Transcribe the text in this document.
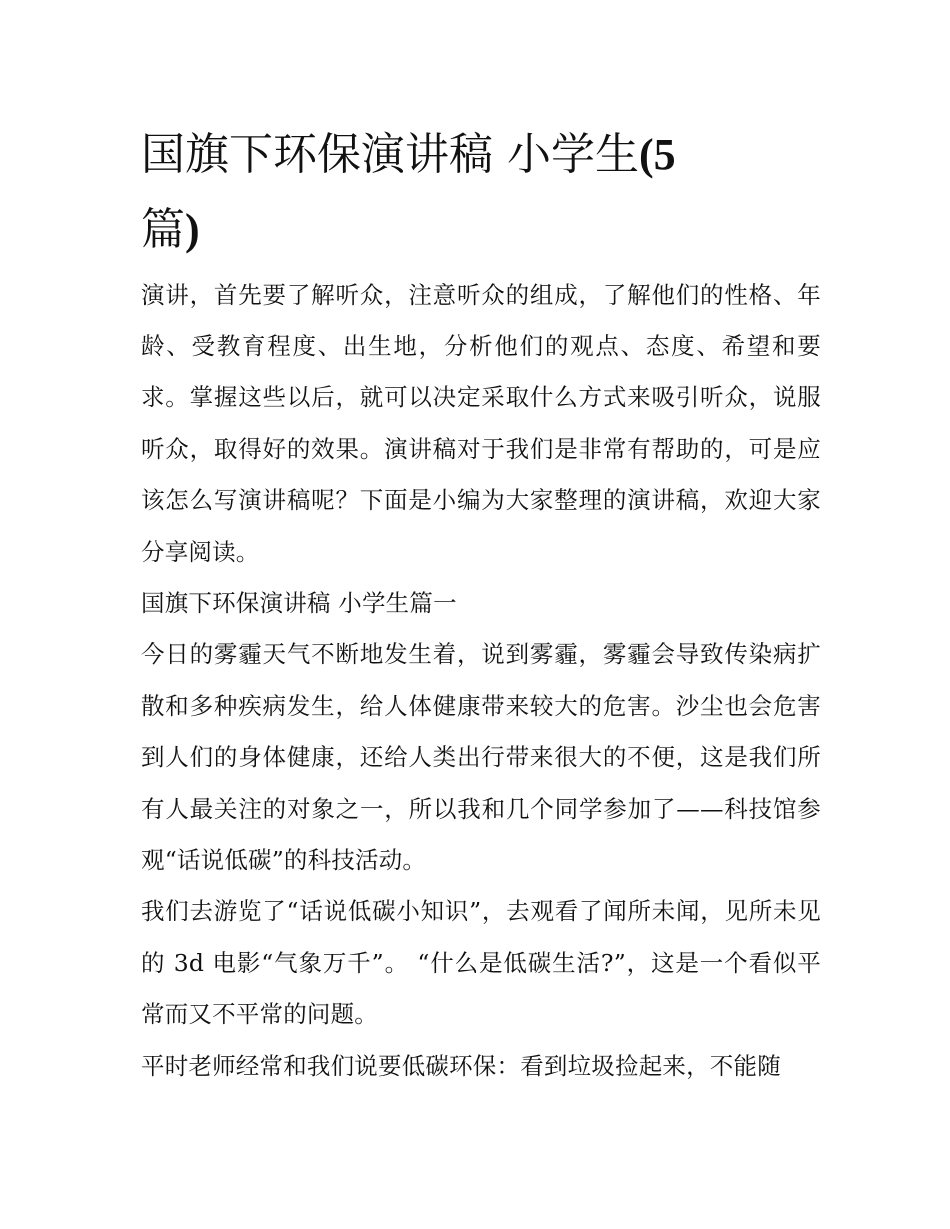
国旗下环保演讲稿 小学生(5
篇)

演讲，首先要了解听众，注意听众的组成，了解他们的性格、年龄、受教育程度、出生地，分析他们的观点、态度、希望和要求。掌握这些以后，就可以决定采取什么方式来吸引听众，说服听众，取得好的效果。演讲稿对于我们是非常有帮助的，可是应该怎么写演讲稿呢？下面是小编为大家整理的演讲稿，欢迎大家分享阅读。

国旗下环保演讲稿 小学生篇一

今日的雾霾天气不断地发生着，说到雾霾，雾霾会导致传染病扩散和多种疾病发生，给人体健康带来较大的危害。沙尘也会危害到人们的身体健康，还给人类出行带来很大的不便，这是我们所有人最关注的对象之一，所以我和几个同学参加了——科技馆参观“话说低碳”的科技活动。

我们去游览了“话说低碳小知识”，去观看了闻所未闻，见所未见的 3d 电影“气象万千”。 “什么是低碳生活?”，这是一个看似平常而又不平常的问题。

平时老师经常和我们说要低碳环保：看到垃圾捡起来，不能随
